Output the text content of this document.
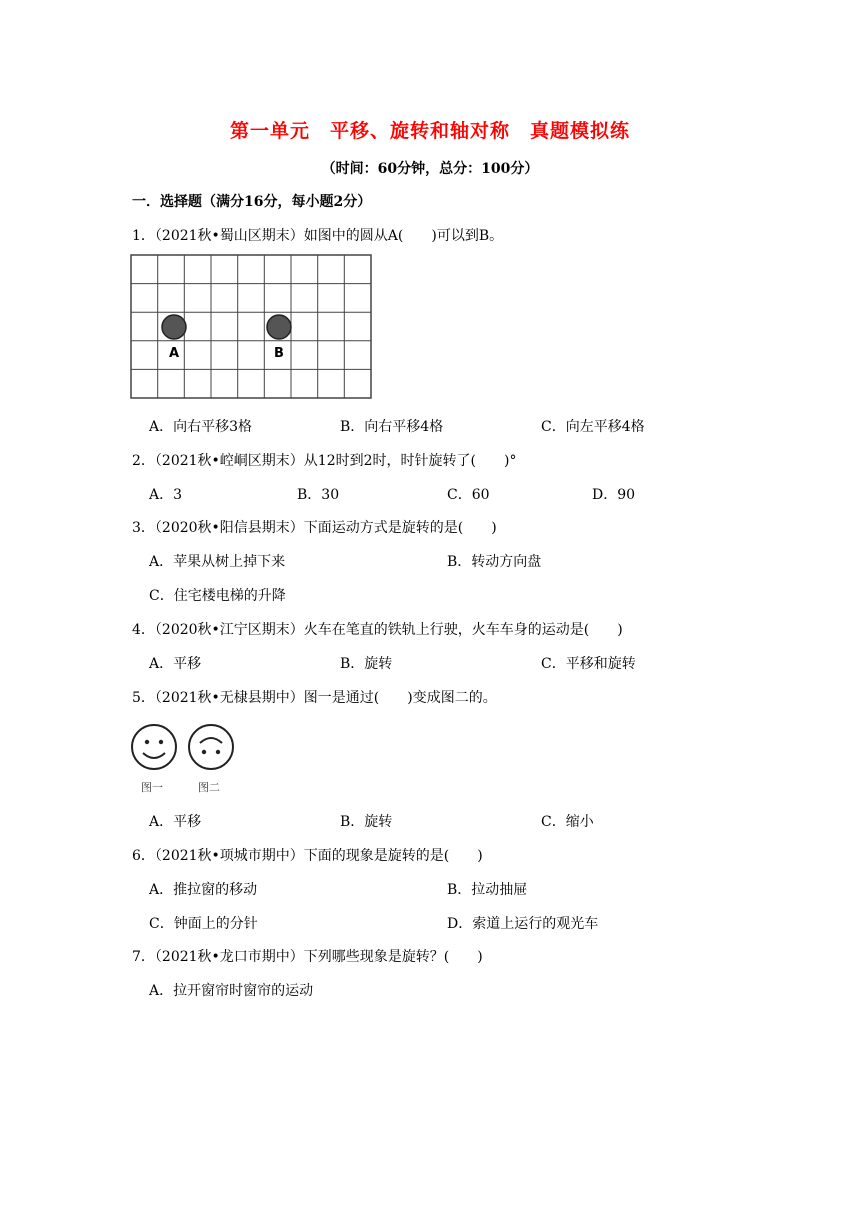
第一单元　平移、旋转和轴对称　真题模拟练
（时间：60分钟，总分：100分）
一．选择题（满分16分，每小题2分）
1．（2021秋•蜀山区期末）如图中的圆从A(　　)可以到B。
A	B
A．向右平移3格	B．向右平移4格	C．向左平移4格
2．（2021秋•崆峒区期末）从12时到2时，时针旋转了(　　)°
A．3	B．30	C．60	D．90
3．（2020秋•阳信县期末）下面运动方式是旋转的是(　　)
A．苹果从树上掉下来	B．转动方向盘
C．住宅楼电梯的升降
4．（2020秋•江宁区期末）火车在笔直的铁轨上行驶，火车车身的运动是(　　)
A．平移	B．旋转	C．平移和旋转
5．（2021秋•无棣县期中）图一是通过(　　)变成图二的。
图一	图二
A．平移	B．旋转	C．缩小
6．（2021秋•项城市期中）下面的现象是旋转的是(　　)
A．推拉窗的移动	B．拉动抽屉
C．钟面上的分针	D．索道上运行的观光车
7．（2021秋•龙口市期中）下列哪些现象是旋转？(　　)
A．拉开窗帘时窗帘的运动
